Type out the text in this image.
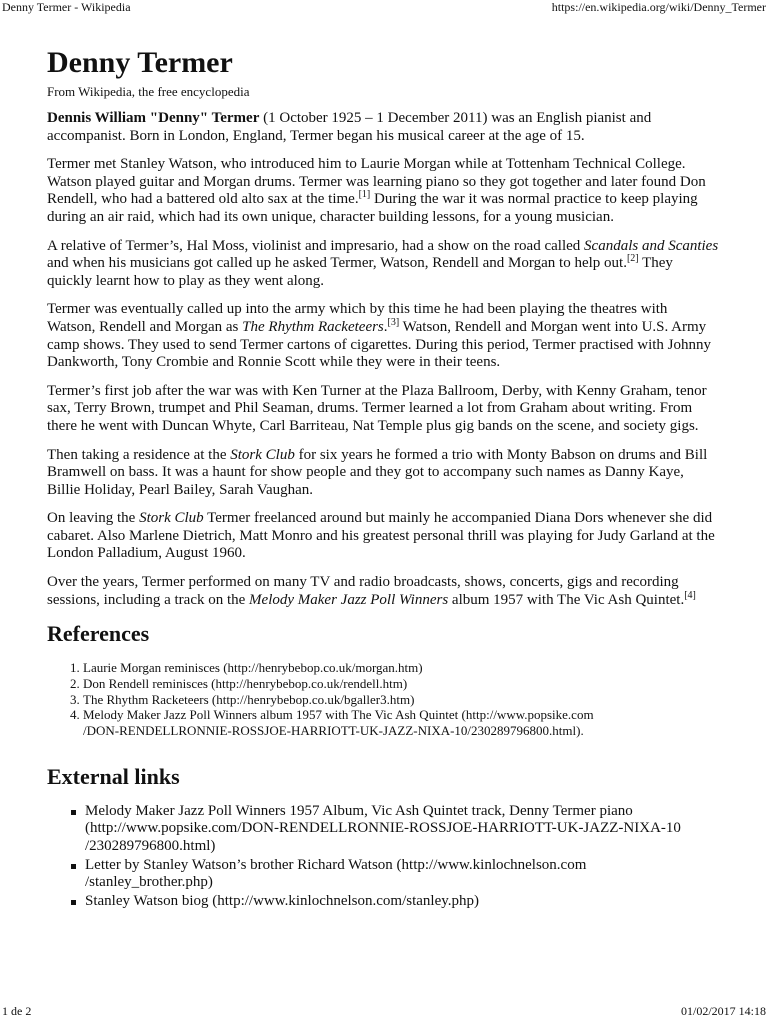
Denny Termer - Wikipedia	https://en.wikipedia.org/wiki/Denny_Termer
Denny Termer
From Wikipedia, the free encyclopedia

Dennis William "Denny" Termer (1 October 1925 – 1 December 2011) was an English pianist and accompanist. Born in London, England, Termer began his musical career at the age of 15.

Termer met Stanley Watson, who introduced him to Laurie Morgan while at Tottenham Technical College. Watson played guitar and Morgan drums. Termer was learning piano so they got together and later found Don Rendell, who had a battered old alto sax at the time.[1] During the war it was normal practice to keep playing during an air raid, which had its own unique, character building lessons, for a young musician.

A relative of Termer’s, Hal Moss, violinist and impresario, had a show on the road called Scandals and Scanties and when his musicians got called up he asked Termer, Watson, Rendell and Morgan to help out.[2] They quickly learnt how to play as they went along.

Termer was eventually called up into the army which by this time he had been playing the theatres with Watson, Rendell and Morgan as The Rhythm Racketeers.[3] Watson, Rendell and Morgan went into U.S. Army camp shows. They used to send Termer cartons of cigarettes. During this period, Termer practised with Johnny Dankworth, Tony Crombie and Ronnie Scott while they were in their teens.

Termer’s first job after the war was with Ken Turner at the Plaza Ballroom, Derby, with Kenny Graham, tenor sax, Terry Brown, trumpet and Phil Seaman, drums. Termer learned a lot from Graham about writing. From there he went with Duncan Whyte, Carl Barriteau, Nat Temple plus gig bands on the scene, and society gigs.

Then taking a residence at the Stork Club for six years he formed a trio with Monty Babson on drums and Bill Bramwell on bass. It was a haunt for show people and they got to accompany such names as Danny Kaye, Billie Holiday, Pearl Bailey, Sarah Vaughan.

On leaving the Stork Club Termer freelanced around but mainly he accompanied Diana Dors whenever she did cabaret. Also Marlene Dietrich, Matt Monro and his greatest personal thrill was playing for Judy Garland at the London Palladium, August 1960.

Over the years, Termer performed on many TV and radio broadcasts, shows, concerts, gigs and recording sessions, including a track on the Melody Maker Jazz Poll Winners album 1957 with The Vic Ash Quintet.[4]

References
1. Laurie Morgan reminisces (http://henrybebop.co.uk/morgan.htm)
2. Don Rendell reminisces (http://henrybebop.co.uk/rendell.htm)
3. The Rhythm Racketeers (http://henrybebop.co.uk/bgaller3.htm)
4. Melody Maker Jazz Poll Winners album 1957 with The Vic Ash Quintet (http://www.popsike.com
/DON-RENDELLRONNIE-ROSSJOE-HARRIOTT-UK-JAZZ-NIXA-10/230289796800.html).
External links
Melody Maker Jazz Poll Winners 1957 Album, Vic Ash Quintet track, Denny Termer piano
(http://www.popsike.com/DON-RENDELLRONNIE-ROSSJOE-HARRIOTT-UK-JAZZ-NIXA-10
/230289796800.html)
Letter by Stanley Watson’s brother Richard Watson (http://www.kinlochnelson.com
/stanley_brother.php)
Stanley Watson biog (http://www.kinlochnelson.com/stanley.php)
1 de 2	01/02/2017 14:18
